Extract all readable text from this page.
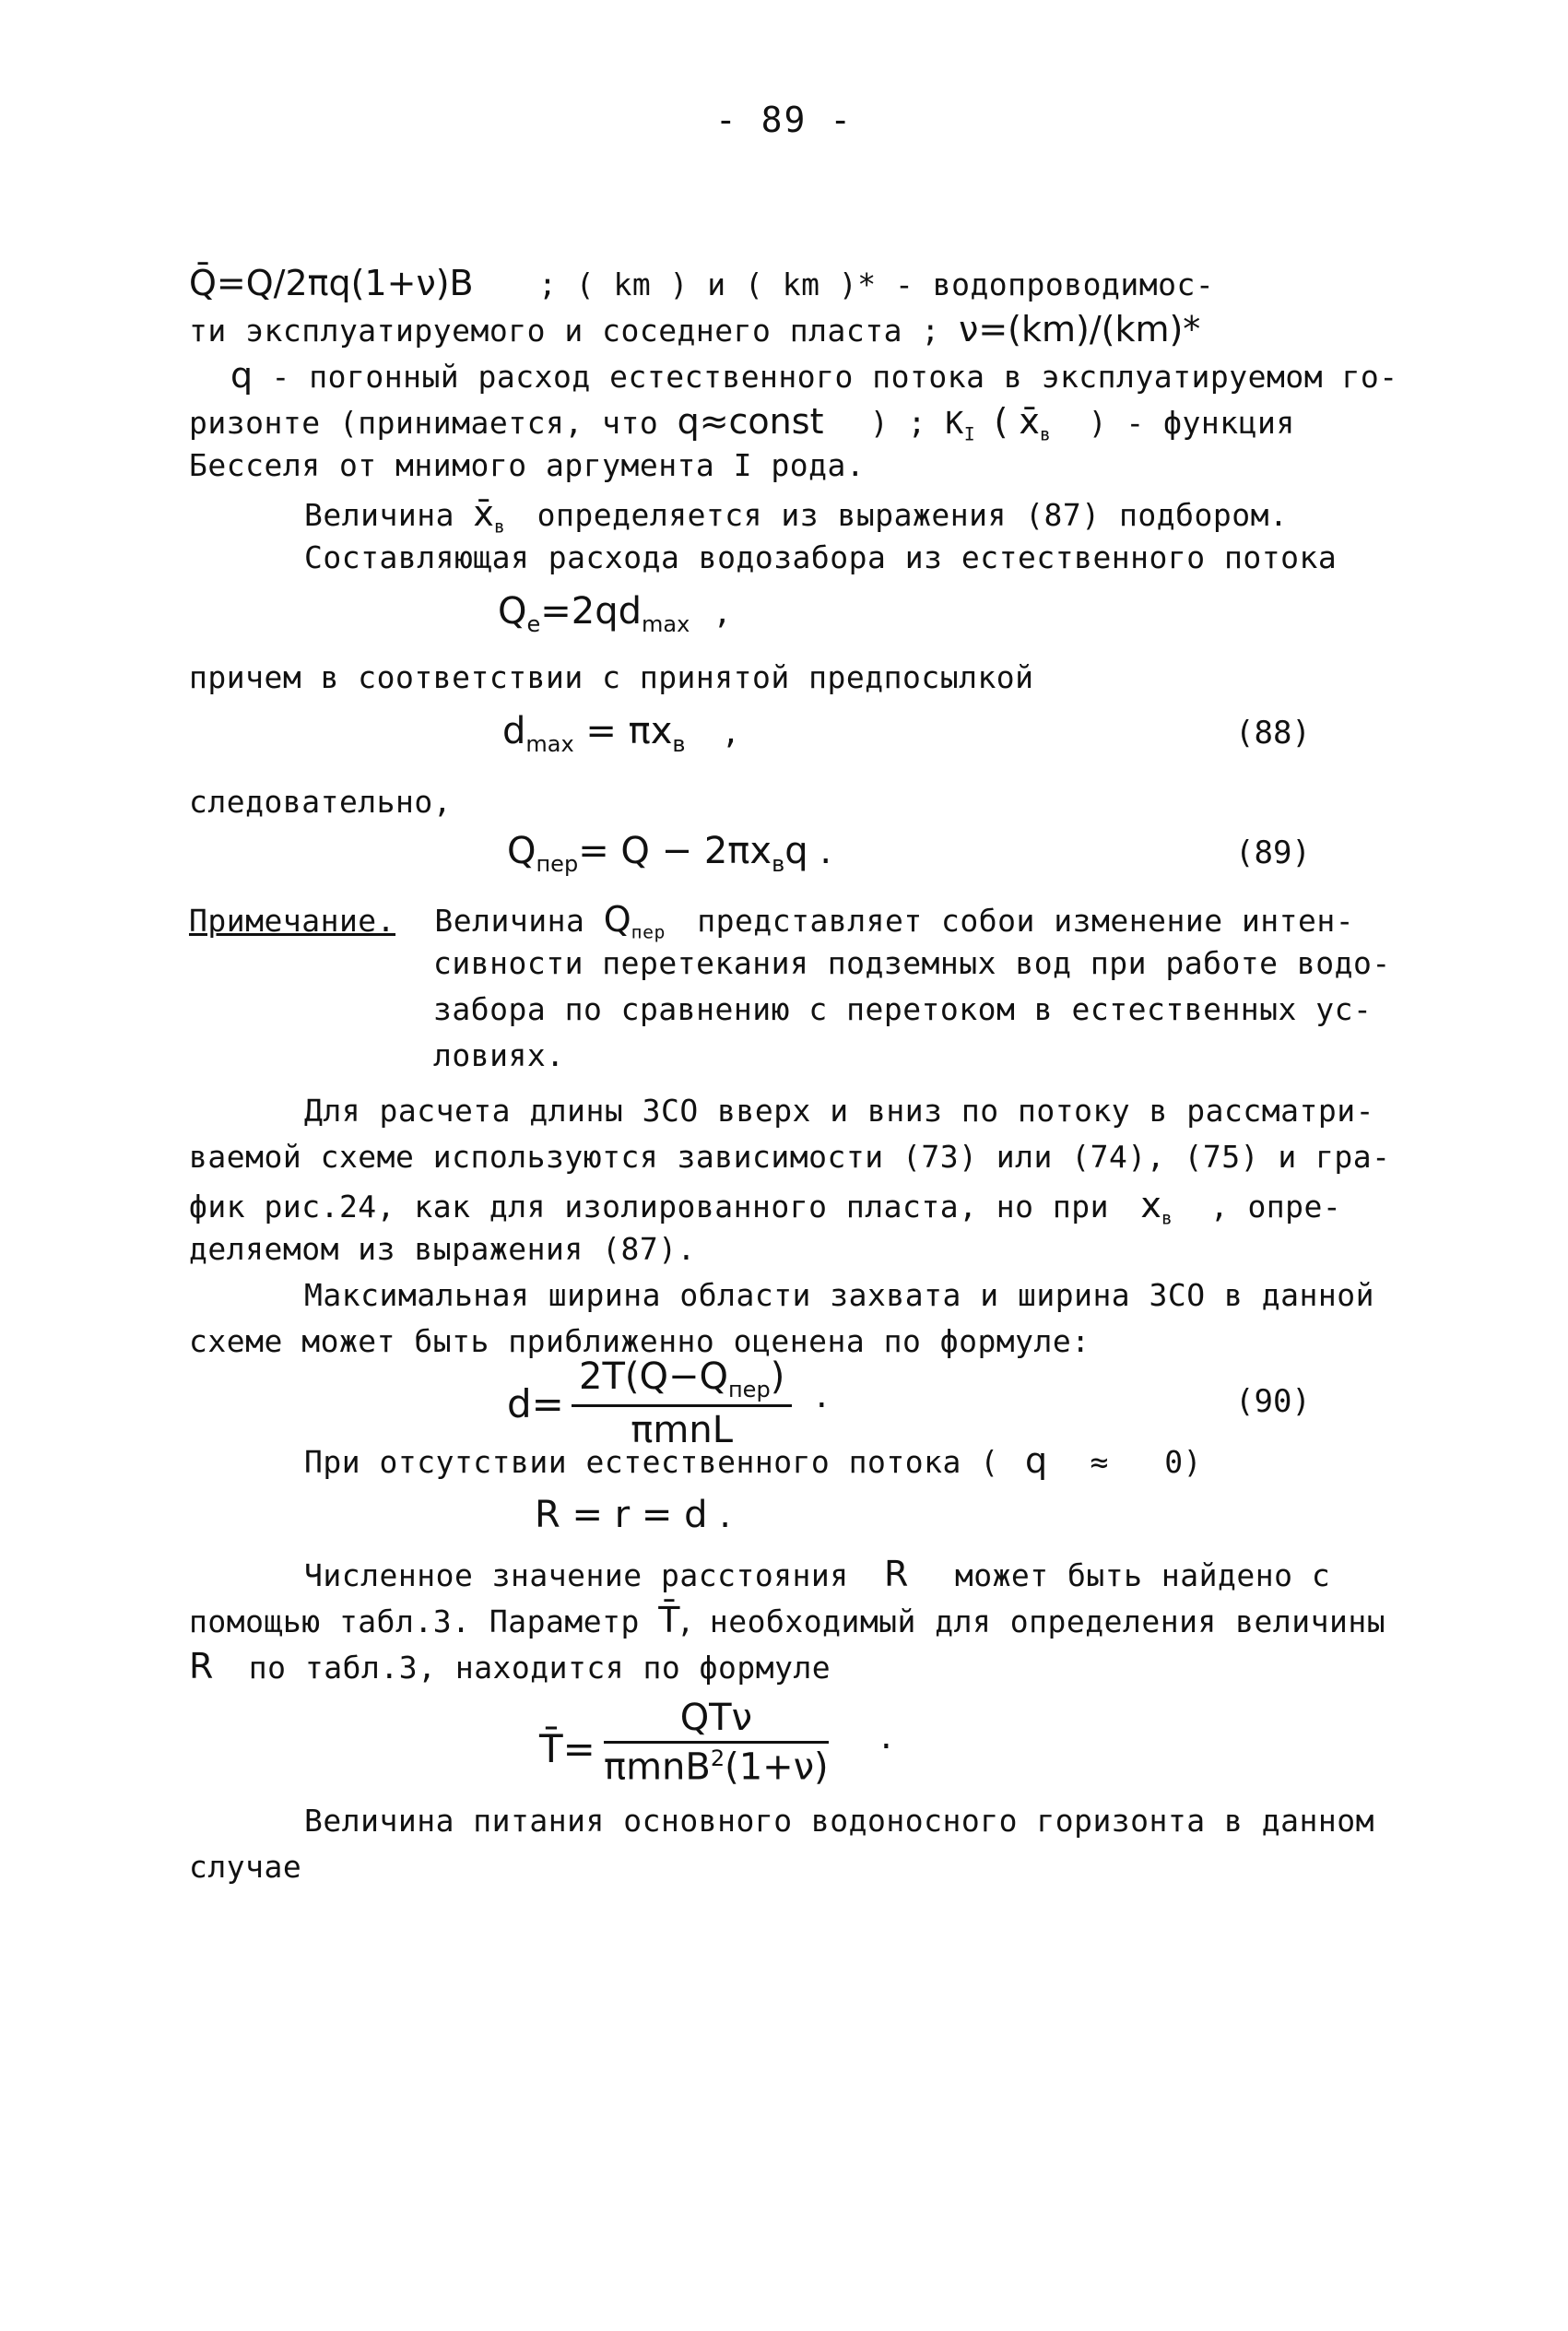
- 89 -
Q̄=Q/2πq(1+ν)B ; ( km ) и ( km )* - водопроводимос-
ти эксплуатируемого и соседнего пласта ; ν=(km)/(km)*
q - погонный расход естественного потока в эксплуатируемом го-
ризонте (принимается, что q≈const ) ; $K_I$ ( $x̄_в$ ) - функция
Бесселя от мнимого аргумента I рода.
Величина $x̄_в$ определяется из выражения (87) подбором.
Составляющая расхода водозабора из естественного потока
$Q_e=2qd_{max}$ ,
причем в соответствии с принятой предпосылкой
$d_{max} = \pi x_в$ ,	(88)
следовательно,
$Q_{пер}= Q - 2\pi x_вq$ .	(89)
Примечание. Величина $Q_{пер}$ представляет собои изменение интен-
сивности перетекания подземных вод при работе водо-
забора по сравнению с перетоком в естественных ус-
ловиях.
Для расчета длины ЗСО вверх и вниз по потоку в рассматри-
ваемой схеме используются зависимости (73) или (74), (75) и гра-
фик рис.24, как для изолированного пласта, но при $x_в$ , опре-
деляемом из выражения (87).
Максимальная ширина области захвата и ширина ЗСО в данной
схеме может быть приближенно оценена по формуле:
d=
$2T(Q-Q_{пер})$
πmnL
.	(90)
При отсутствии естественного потока ( q ≈ 0)
R = r = d .
Численное значение расстояния R может быть найдено с
помощью табл.3. Параметр T̄, необходимый для определения величины
R по табл.3, находится по формуле
T̄=
QTν
πmnB$^2$(1+ν)
.
Величина питания основного водоносного горизонта в данном
случае
